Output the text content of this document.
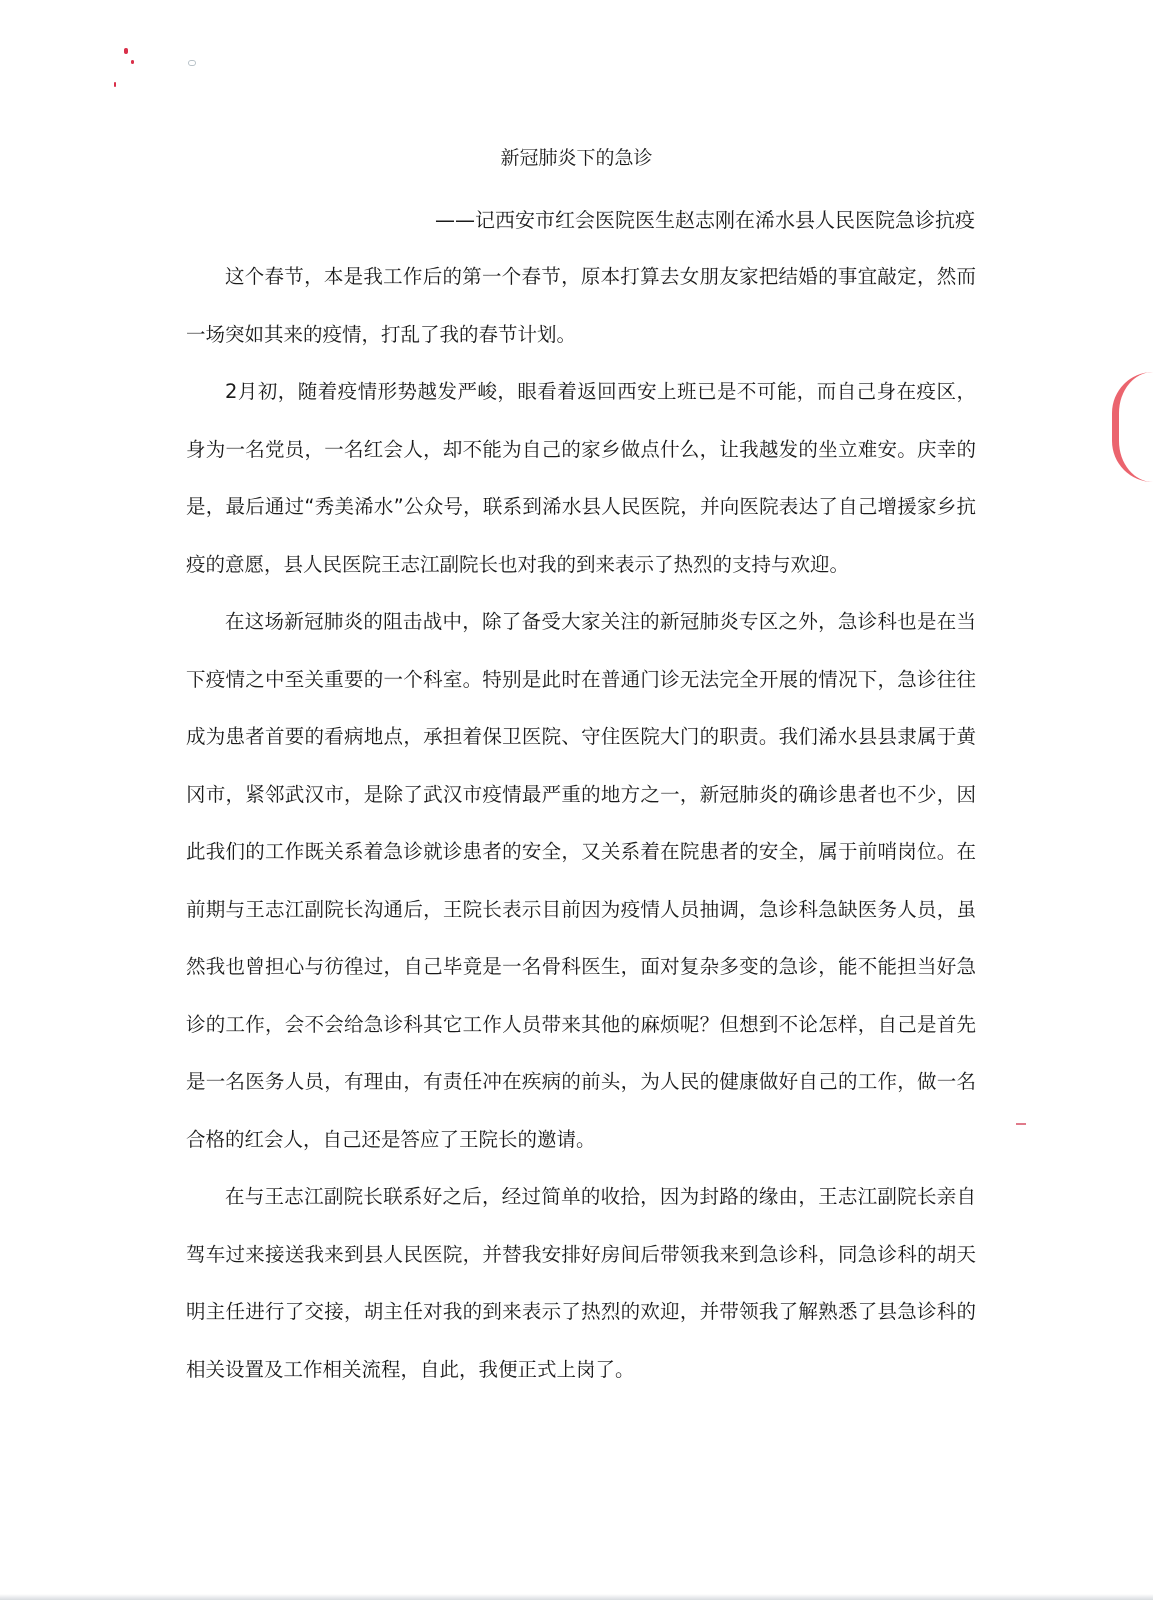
新冠肺炎下的急诊
——记西安市红会医院医生赵志刚在浠水县人民医院急诊抗疫

这个春节，本是我工作后的第一个春节，原本打算去女朋友家把结婚的事宜敲定，然而一场突如其来的疫情，打乱了我的春节计划。

2月初，随着疫情形势越发严峻，眼看着返回西安上班已是不可能，而自己身在疫区，身为一名党员，一名红会人，却不能为自己的家乡做点什么，让我越发的坐立难安。庆幸的是，最后通过“秀美浠水”公众号，联系到浠水县人民医院，并向医院表达了自己增援家乡抗疫的意愿，县人民医院王志江副院长也对我的到来表示了热烈的支持与欢迎。

在这场新冠肺炎的阻击战中，除了备受大家关注的新冠肺炎专区之外，急诊科也是在当下疫情之中至关重要的一个科室。特别是此时在普通门诊无法完全开展的情况下，急诊往往成为患者首要的看病地点，承担着保卫医院、守住医院大门的职责。我们浠水县县隶属于黄冈市，紧邻武汉市，是除了武汉市疫情最严重的地方之一，新冠肺炎的确诊患者也不少，因此我们的工作既关系着急诊就诊患者的安全，又关系着在院患者的安全，属于前哨岗位。在前期与王志江副院长沟通后，王院长表示目前因为疫情人员抽调，急诊科急缺医务人员，虽然我也曾担心与彷徨过，自己毕竟是一名骨科医生，面对复杂多变的急诊，能不能担当好急诊的工作，会不会给急诊科其它工作人员带来其他的麻烦呢？但想到不论怎样，自己是首先是一名医务人员，有理由，有责任冲在疾病的前头，为人民的健康做好自己的工作，做一名合格的红会人，自己还是答应了王院长的邀请。

在与王志江副院长联系好之后，经过简单的收拾，因为封路的缘由，王志江副院长亲自驾车过来接送我来到县人民医院，并替我安排好房间后带领我来到急诊科，同急诊科的胡天明主任进行了交接，胡主任对我的到来表示了热烈的欢迎，并带领我了解熟悉了县急诊科的相关设置及工作相关流程，自此，我便正式上岗了。
